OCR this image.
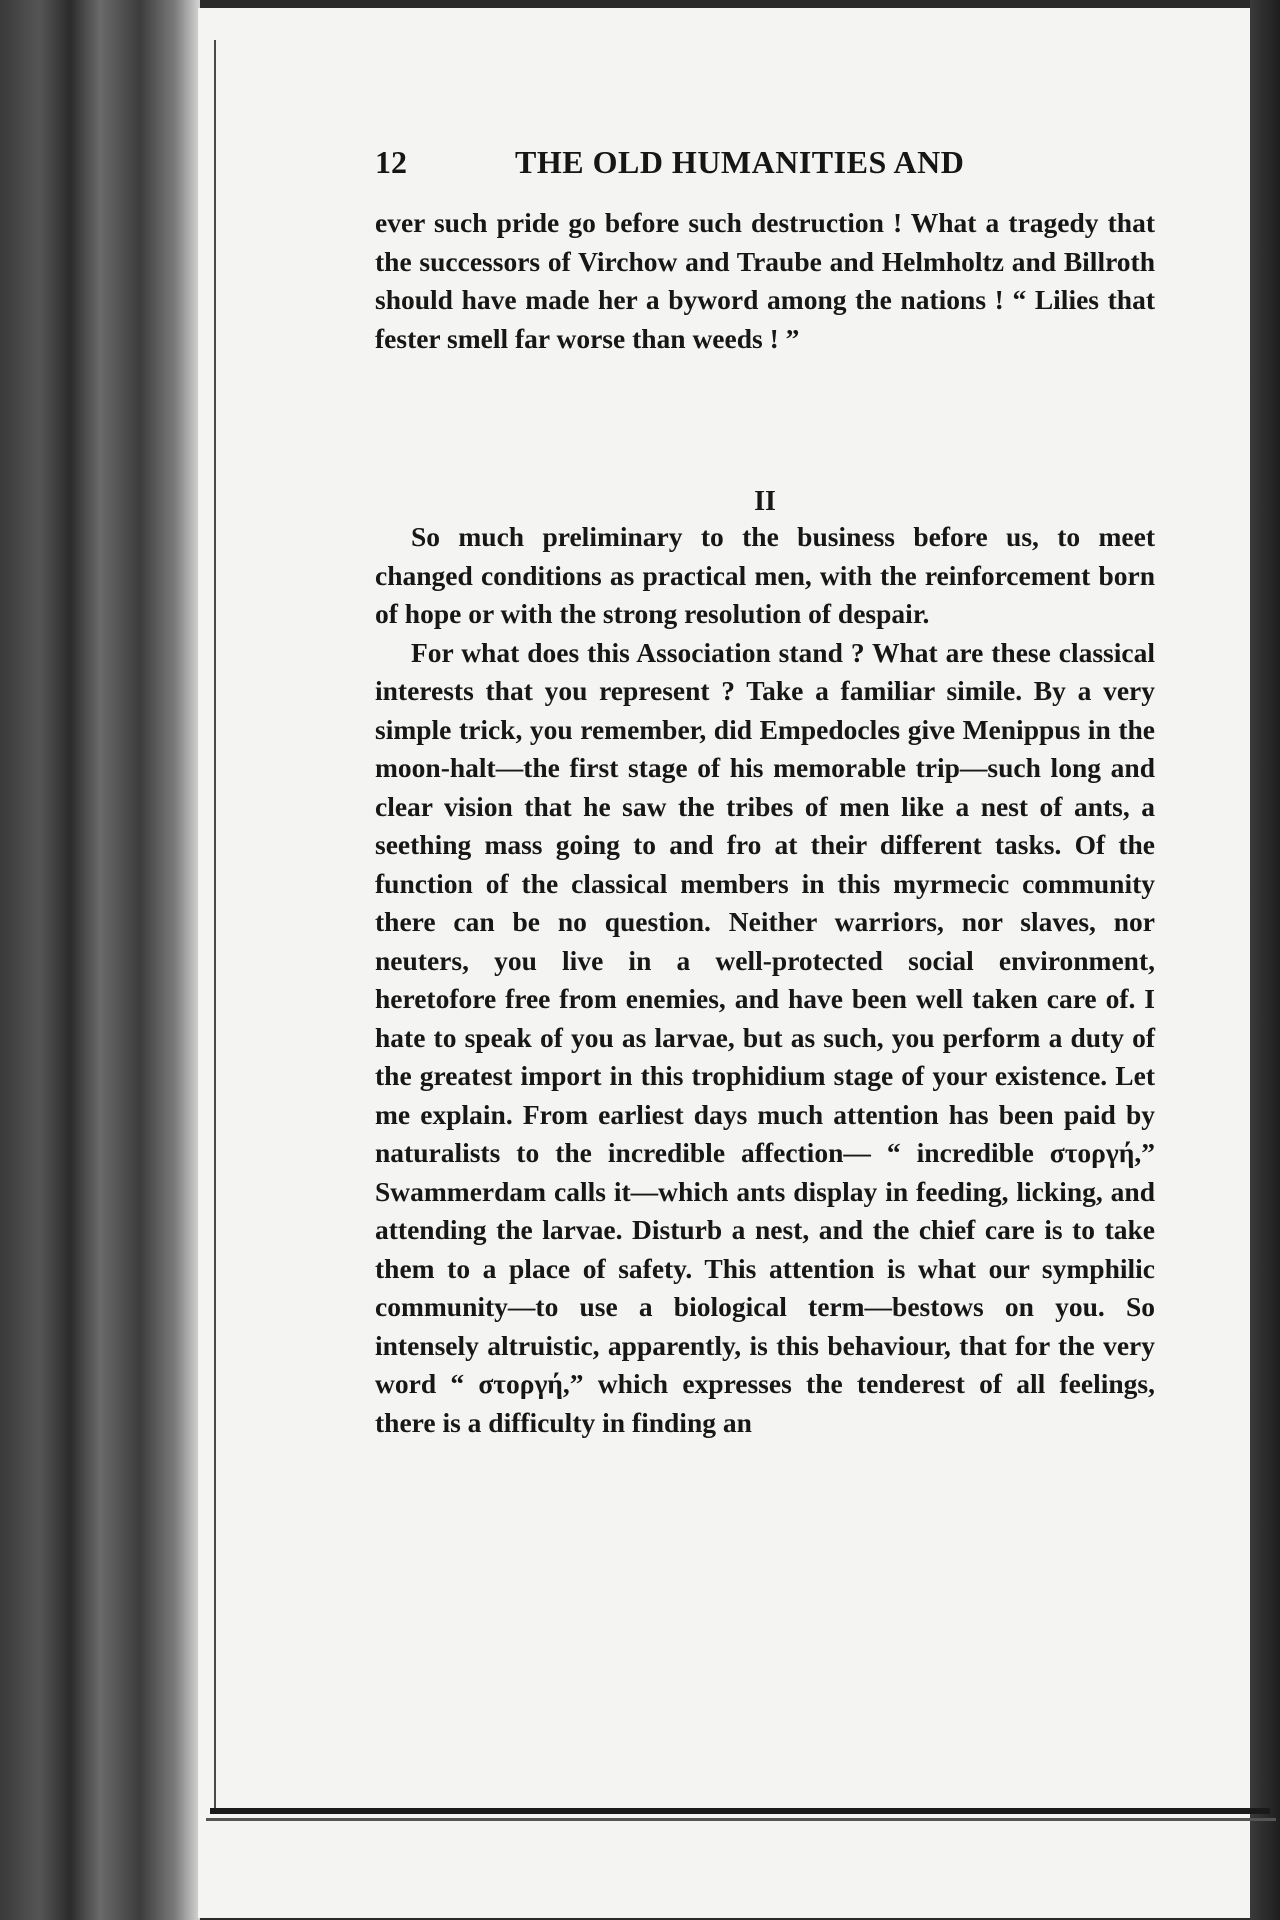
12	THE OLD HUMANITIES AND

ever such pride go before such destruction ! What a tragedy that the successors of Virchow and Traube and Helmholtz and Billroth should have made her a byword among the nations ! “ Lilies that fester smell far worse than weeds ! ”

II

So much preliminary to the business before us, to meet changed conditions as practical men, with the reinforcement born of hope or with the strong resolution of despair.

For what does this Association stand ? What are these classical interests that you represent ? Take a familiar simile. By a very simple trick, you remember, did Empedocles give Menippus in the moon-halt—the first stage of his memorable trip—such long and clear vision that he saw the tribes of men like a nest of ants, a seething mass going to and fro at their different tasks. Of the function of the classical members in this myrmecic community there can be no question. Neither warriors, nor slaves, nor neuters, you live in a well-protected social environment, heretofore free from enemies, and have been well taken care of. I hate to speak of you as larvae, but as such, you perform a duty of the greatest import in this trophidium stage of your existence. Let me explain. From earliest days much attention has been paid by naturalists to the incredible affection— “ incredible στοργή,” Swammerdam calls it—which ants display in feeding, licking, and attending the larvae. Disturb a nest, and the chief care is to take them to a place of safety. This attention is what our symphilic community—to use a biological term—bestows on you. So intensely altruistic, apparently, is this behaviour, that for the very word “ στοργή,” which expresses the tenderest of all feelings, there is a difficulty in finding an
